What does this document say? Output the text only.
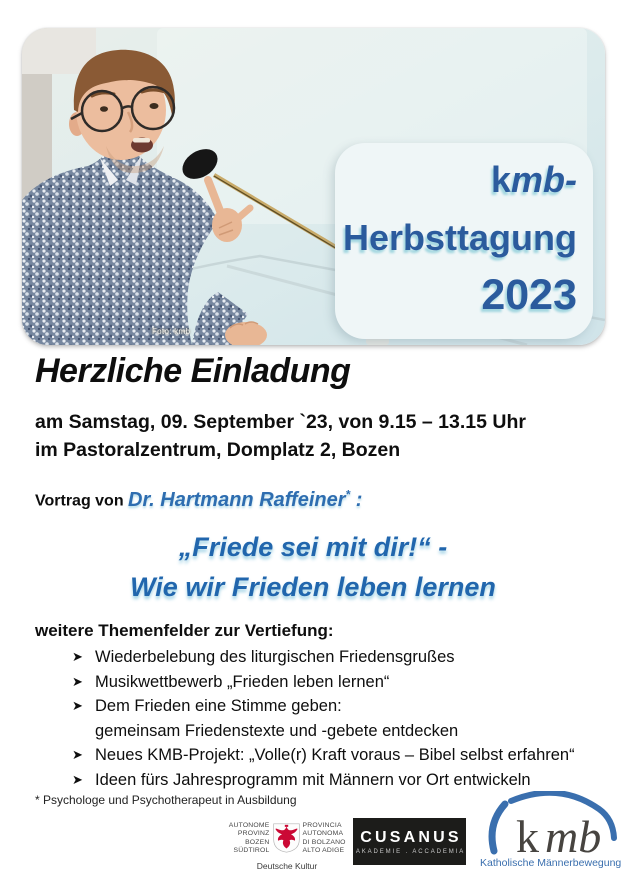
Foto: kmb
kmb-
Herbsttagung
2023
Herzliche Einladung
am Samstag, 09. September `23, von 9.15 – 13.15 Uhr
im Pastoralzentrum, Domplatz 2, Bozen
Vortrag von Dr. Hartmann Raffeiner* :
„Friede sei mit dir!“ -
Wie wir Frieden leben lernen
weitere Themenfelder zur Vertiefung:
➤ Wiederbelebung des liturgischen Friedensgrußes
➤ Musikwettbewerb „Frieden leben lernen“
➤ Dem Frieden eine Stimme geben:
gemeinsam Friedenstexte und -gebete entdecken
➤ Neues KMB-Projekt: „Volle(r) Kraft voraus – Bibel selbst erfahren“
➤ Ideen fürs Jahresprogramm mit Männern vor Ort entwickeln
* Psychologe und Psychotherapeut in Ausbildung
AUTONOME
PROVINZ
BOZEN
SÜDTIROL
PROVINCIA
AUTONOMA
DI BOLZANO
ALTO ADIGE
Deutsche Kultur
CUSANUS
AKADEMIE . ACCADEMIA k mb
Katholische Männerbewegung
